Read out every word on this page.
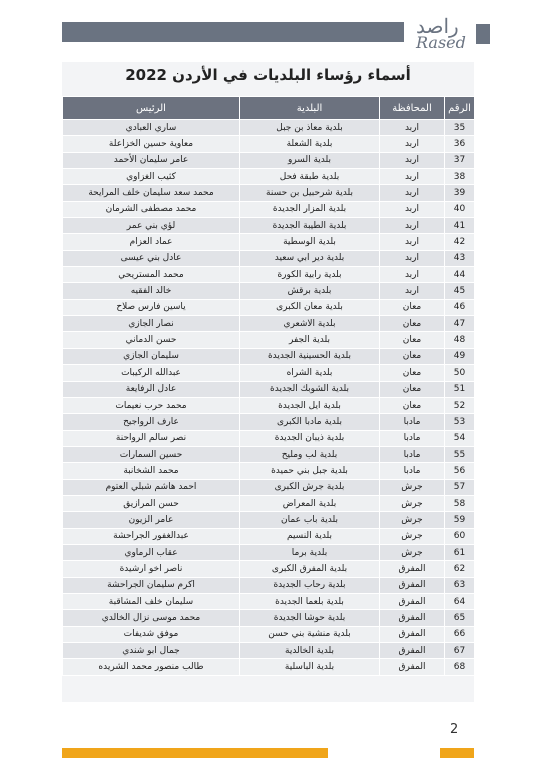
راصد
Rased
أسماء رؤساء البلديات في الأردن 2022
الرقم	المحافظة	البلدية	الرئيس
35	اربد	بلدية معاذ بن جبل	ساري العبادي
36	اربد	بلدية الشعلة	معاوية حسين الخزاعلة
37	اربد	بلدية السرو	عامر سليمان الأحمد
38	اربد	بلدية طبقة فحل	كثيب الغزاوي
39	اربد	بلدية شرحبيل بن حسنة	محمد سعد سليمان خلف المرايحة
40	اربد	بلدية المزار الجديدة	محمد مصطفى الشرمان
41	اربد	بلدية الطيبة الجديدة	لؤي بني عمر
42	اربد	بلدية الوسطية	عماد العزام
43	اربد	بلدية دير ابي سعيد	عادل بني عيسى
44	اربد	بلدية رابية الكورة	محمد المستريحي
45	اربد	بلدية برقش	خالد الفقيه
46	معان	بلدية معان الكبرى	ياسين فارس صلاح
47	معان	بلدية الاشعري	نصار الجازي
48	معان	بلدية الجفر	حسن الدماني
49	معان	بلدية الحسينية الجديدة	سليمان الجازي
50	معان	بلدية الشراه	عبدالله الركيبات
51	معان	بلدية الشوبك الجديدة	عادل الرفايعة
52	معان	بلدية ايل الجديدة	محمد حرب نعيمات
53	مادبا	بلدية مادبا الكبرى	عارف الرواجيح
54	مادبا	بلدية ذيبان الجديدة	نصر سالم الرواحنة
55	مادبا	بلدية لب ومليح	حسين السمارات
56	مادبا	بلدية جبل بني حميدة	محمد الشخانبة
57	جرش	بلدية جرش الكبرى	احمد هاشم شبلي العتوم
58	جرش	بلدية المعراض	حسن المرازيق
59	جرش	بلدية باب عمان	عامر الزيون
60	جرش	بلدية النسيم	عبدالغفور الجراحشة
61	جرش	بلدية برما	عقاب الرماوي
62	المفرق	بلدية المفرق الكبرى	ناصر اخو ارشيدة
63	المفرق	بلدية رحاب الجديدة	اكرم سليمان الجراحشة
64	المفرق	بلدية بلعما الجديدة	سليمان خلف المشاقبة
65	المفرق	بلدية حوشا الجديدة	محمد موسى نزال الخالدي
66	المفرق	بلدية منشية بني حسن	موفق شديفات
67	المفرق	بلدية الخالدية	جمال ابو شندي
68	المفرق	بلدية الباسلية	طالب منصور محمد الشريده
2
